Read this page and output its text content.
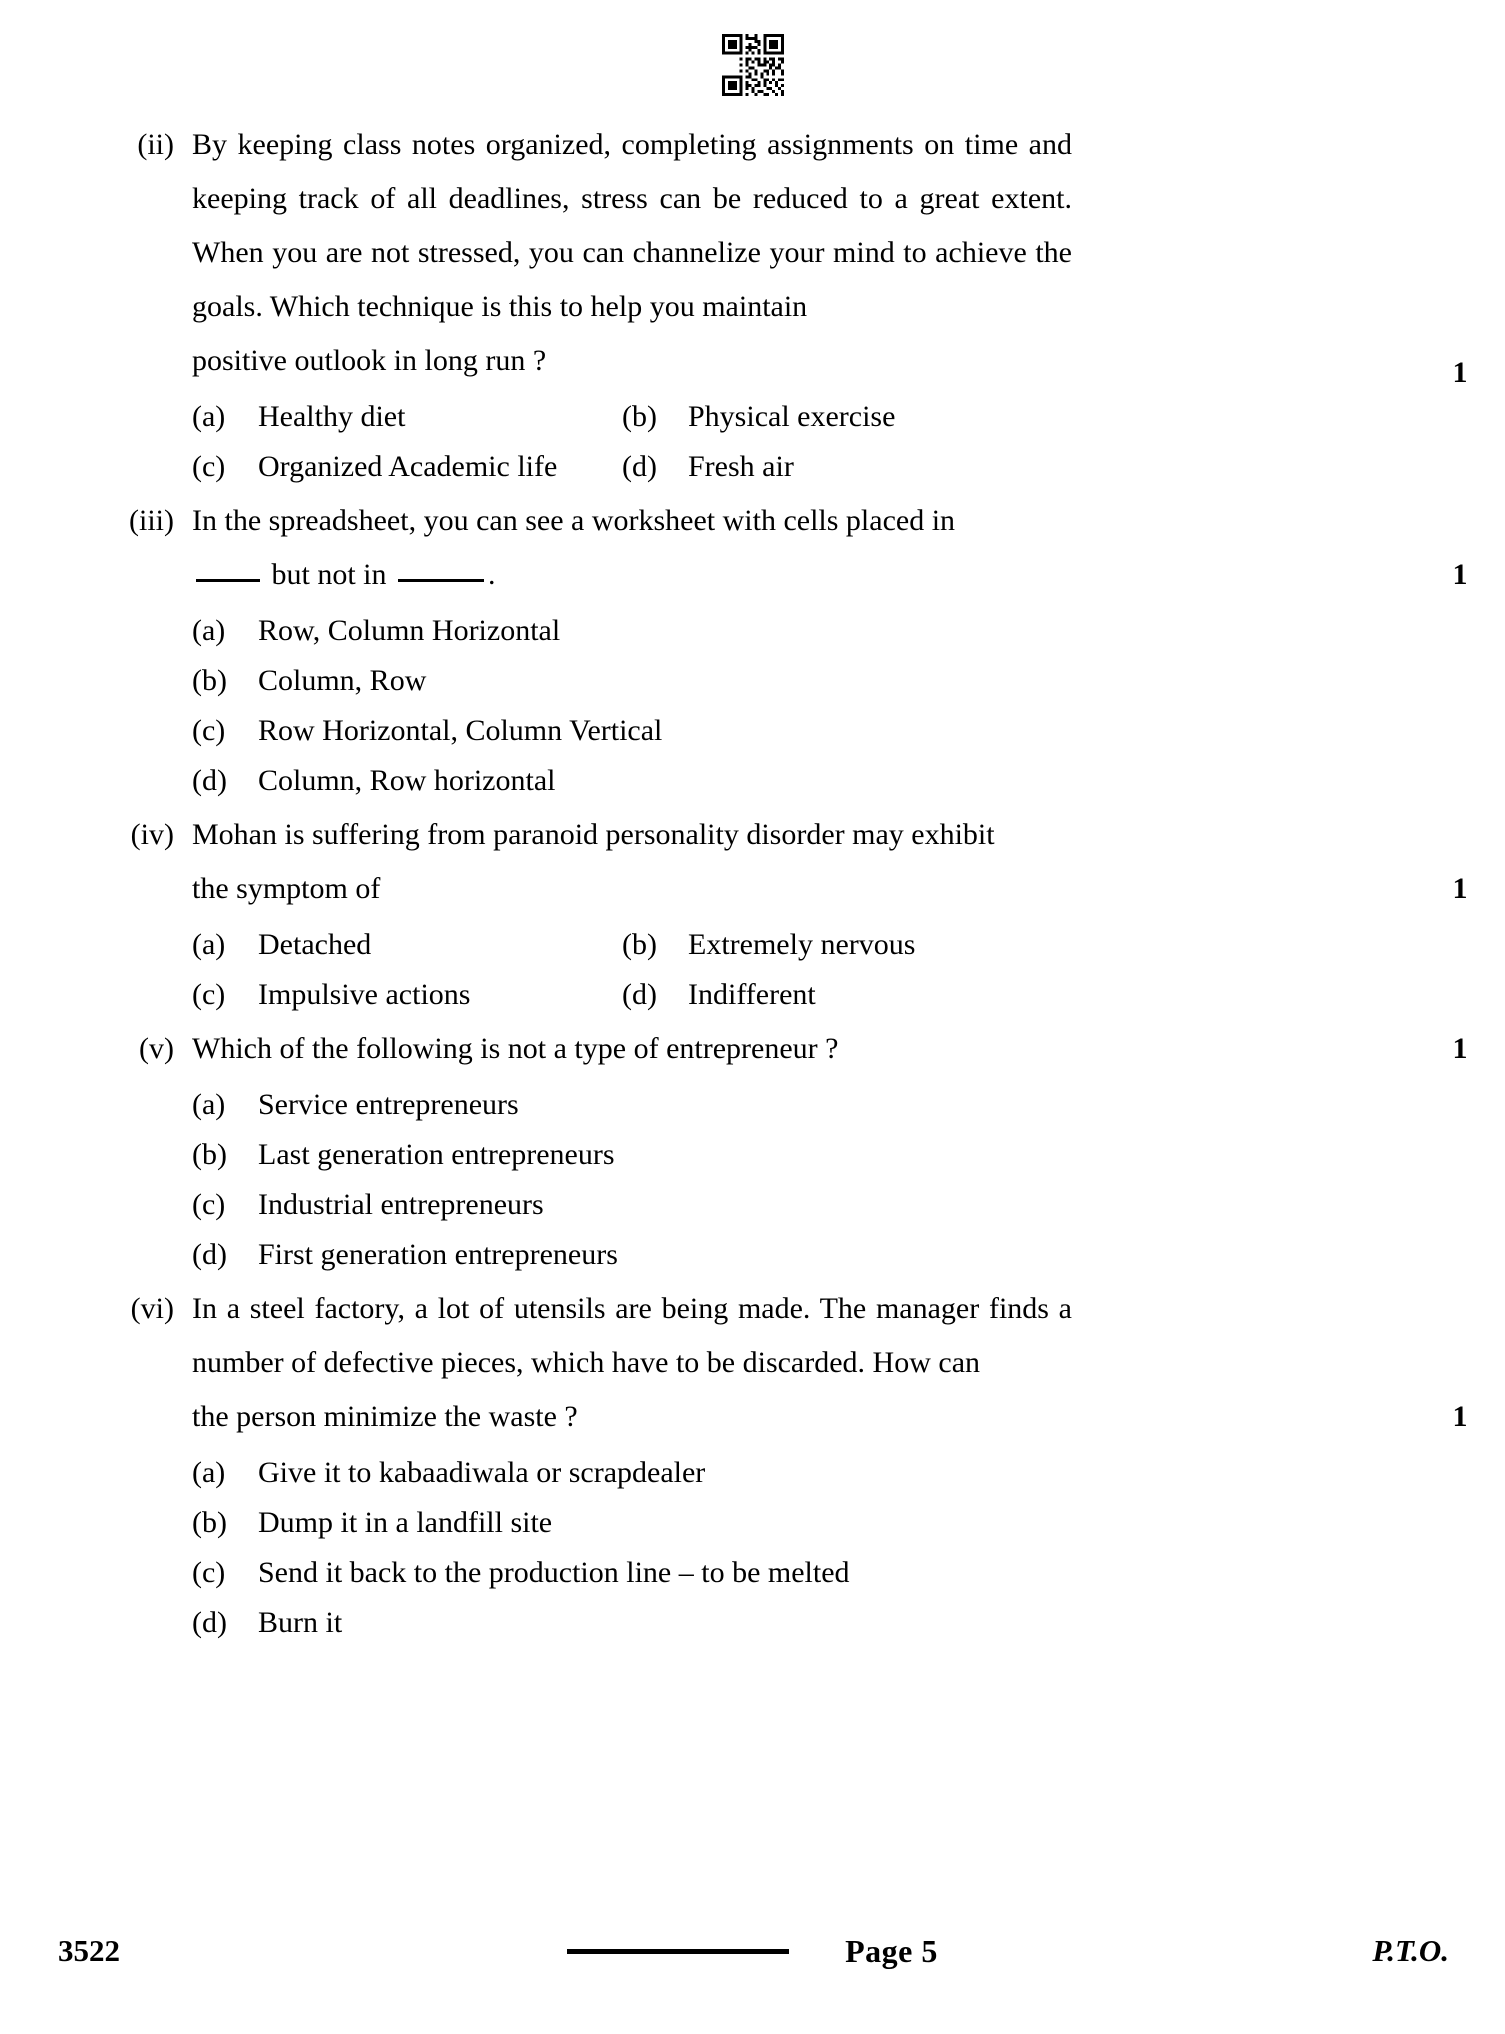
(ii) By keeping class notes organized, completing assignments on time and keeping track of all deadlines, stress can be reduced to a great extent. When you are not stressed, you can channelize your mind to achieve the goals. Which technique is this to help you maintain
positive outlook in long run ?	1
(a)	Healthy diet	(b)	Physical exercise
(c)	Organized Academic life (d)	Fresh air
(iii) In the spreadsheet, you can see a worksheet with cells placed in
but not in	.	1
(a)	Row, Column Horizontal
(b)	Column, Row
(c)	Row Horizontal, Column Vertical
(d)	Column, Row horizontal
(iv) Mohan is suffering from paranoid personality disorder may exhibit
the symptom of	1
(a)	Detached	(b)	Extremely nervous
(c)	Impulsive actions	(d)	Indifferent
(v) Which of the following is not a type of entrepreneur ?	1
(a)	Service entrepreneurs
(b)	Last generation entrepreneurs
(c)	Industrial entrepreneurs
(d)	First generation entrepreneurs
(vi) In a steel factory, a lot of utensils are being made. The manager finds a number of defective pieces, which have to be discarded. How can
the person minimize the waste ?	1
(a)	Give it to kabaadiwala or scrapdealer
(b)	Dump it in a landfill site
(c)	Send it back to the production line – to be melted
(d)	Burn it
3522	Page 5	P.T.O.
